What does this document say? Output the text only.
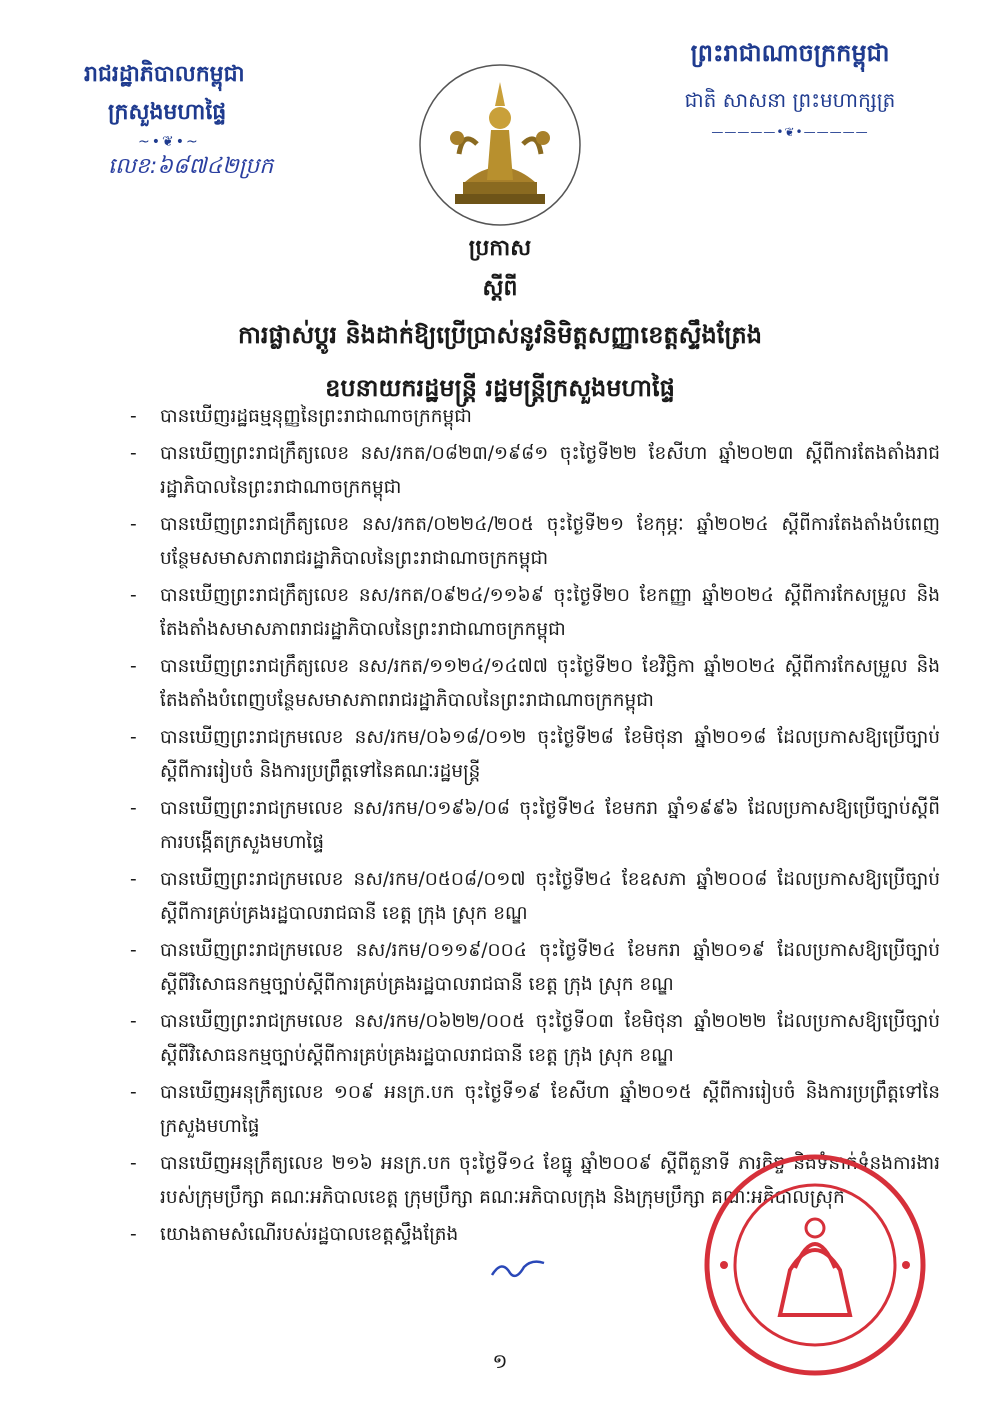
រាជរដ្ឋាភិបាលកម្ពុជា
ក្រសួងមហាផ្ទៃ
~•❦•~
លេខ:៦៨៧៤២ប្រក
ព្រះរាជាណាចក្រកម្ពុជា
ជាតិ សាសនា ព្រះមហាក្សត្រ
—————•❦•—————
ប្រកាស
ស្ដីពី
ការផ្លាស់ប្ដូរ និងដាក់ឱ្យប្រើប្រាស់នូវនិមិត្តសញ្ញាខេត្តស្ទឹងត្រែង
ឧបនាយករដ្ឋមន្ត្រី រដ្ឋមន្ត្រីក្រសួងមហាផ្ទៃ
- បានឃើញរដ្ឋធម្មនុញ្ញនៃព្រះរាជាណាចក្រកម្ពុជា
- បានឃើញព្រះរាជក្រឹត្យលេខ នស/រកត/០៨២៣/១៩៨១ ចុះថ្ងៃទី២២ ខែសីហា ឆ្នាំ២០២៣ ស្ដីពីការតែងតាំងរាជរដ្ឋាភិបាលនៃព្រះរាជាណាចក្រកម្ពុជា
- បានឃើញព្រះរាជក្រឹត្យលេខ នស/រកត/០២២៤/២០៥ ចុះថ្ងៃទី២១ ខែកុម្ភៈ ឆ្នាំ២០២៤ ស្ដីពីការតែងតាំងបំពេញបន្ថែមសមាសភាពរាជរដ្ឋាភិបាលនៃព្រះរាជាណាចក្រកម្ពុជា
- បានឃើញព្រះរាជក្រឹត្យលេខ នស/រកត/០៩២៤/១១៦៩ ចុះថ្ងៃទី២០ ខែកញ្ញា ឆ្នាំ២០២៤ ស្ដីពីការកែសម្រួល និងតែងតាំងសមាសភាពរាជរដ្ឋាភិបាលនៃព្រះរាជាណាចក្រកម្ពុជា
- បានឃើញព្រះរាជក្រឹត្យលេខ នស/រកត/១១២៤/១៤៧៧ ចុះថ្ងៃទី២០ ខែវិច្ឆិកា ឆ្នាំ២០២៤ ស្ដីពីការកែសម្រួល និងតែងតាំងបំពេញបន្ថែមសមាសភាពរាជរដ្ឋាភិបាលនៃព្រះរាជាណាចក្រកម្ពុជា
- បានឃើញព្រះរាជក្រមលេខ នស/រកម/០៦១៨/០១២ ចុះថ្ងៃទី២៨ ខែមិថុនា ឆ្នាំ២០១៨ ដែលប្រកាសឱ្យប្រើច្បាប់ស្ដីពីការរៀបចំ និងការប្រព្រឹត្តទៅនៃគណៈរដ្ឋមន្ត្រី
- បានឃើញព្រះរាជក្រមលេខ នស/រកម/០១៩៦/០៨ ចុះថ្ងៃទី២៤ ខែមករា ឆ្នាំ១៩៩៦ ដែលប្រកាសឱ្យប្រើច្បាប់ស្ដីពីការបង្កើតក្រសួងមហាផ្ទៃ
- បានឃើញព្រះរាជក្រមលេខ នស/រកម/០៥០៨/០១៧ ចុះថ្ងៃទី២៤ ខែឧសភា ឆ្នាំ២០០៨ ដែលប្រកាសឱ្យប្រើច្បាប់ស្ដីពីការគ្រប់គ្រងរដ្ឋបាលរាជធានី ខេត្ត ក្រុង ស្រុក ខណ្ឌ
- បានឃើញព្រះរាជក្រមលេខ នស/រកម/០១១៩/០០៤ ចុះថ្ងៃទី២៤ ខែមករា ឆ្នាំ២០១៩ ដែលប្រកាសឱ្យប្រើច្បាប់ស្ដីពីវិសោធនកម្មច្បាប់ស្ដីពីការគ្រប់គ្រងរដ្ឋបាលរាជធានី ខេត្ត ក្រុង ស្រុក ខណ្ឌ
- បានឃើញព្រះរាជក្រមលេខ នស/រកម/០៦២២/០០៥ ចុះថ្ងៃទី០៣ ខែមិថុនា ឆ្នាំ២០២២ ដែលប្រកាសឱ្យប្រើច្បាប់ស្ដីពីវិសោធនកម្មច្បាប់ស្ដីពីការគ្រប់គ្រងរដ្ឋបាលរាជធានី ខេត្ត ក្រុង ស្រុក ខណ្ឌ
- បានឃើញអនុក្រឹត្យលេខ ១០៩ អនក្រ.បក ចុះថ្ងៃទី១៩ ខែសីហា ឆ្នាំ២០១៥ ស្ដីពីការរៀបចំ និងការប្រព្រឹត្តទៅនៃក្រសួងមហាផ្ទៃ
- បានឃើញអនុក្រឹត្យលេខ ២១៦ អនក្រ.បក ចុះថ្ងៃទី១៤ ខែធ្នូ ឆ្នាំ២០០៩ ស្ដីពីតួនាទី ភារកិច្ច និងទំនាក់ទំនងការងាររបស់ក្រុមប្រឹក្សា គណៈអភិបាលខេត្ត ក្រុមប្រឹក្សា គណៈអភិបាលក្រុង និងក្រុមប្រឹក្សា គណៈអភិបាលស្រុក
- យោងតាមសំណើរបស់រដ្ឋបាលខេត្តស្ទឹងត្រែង
១
